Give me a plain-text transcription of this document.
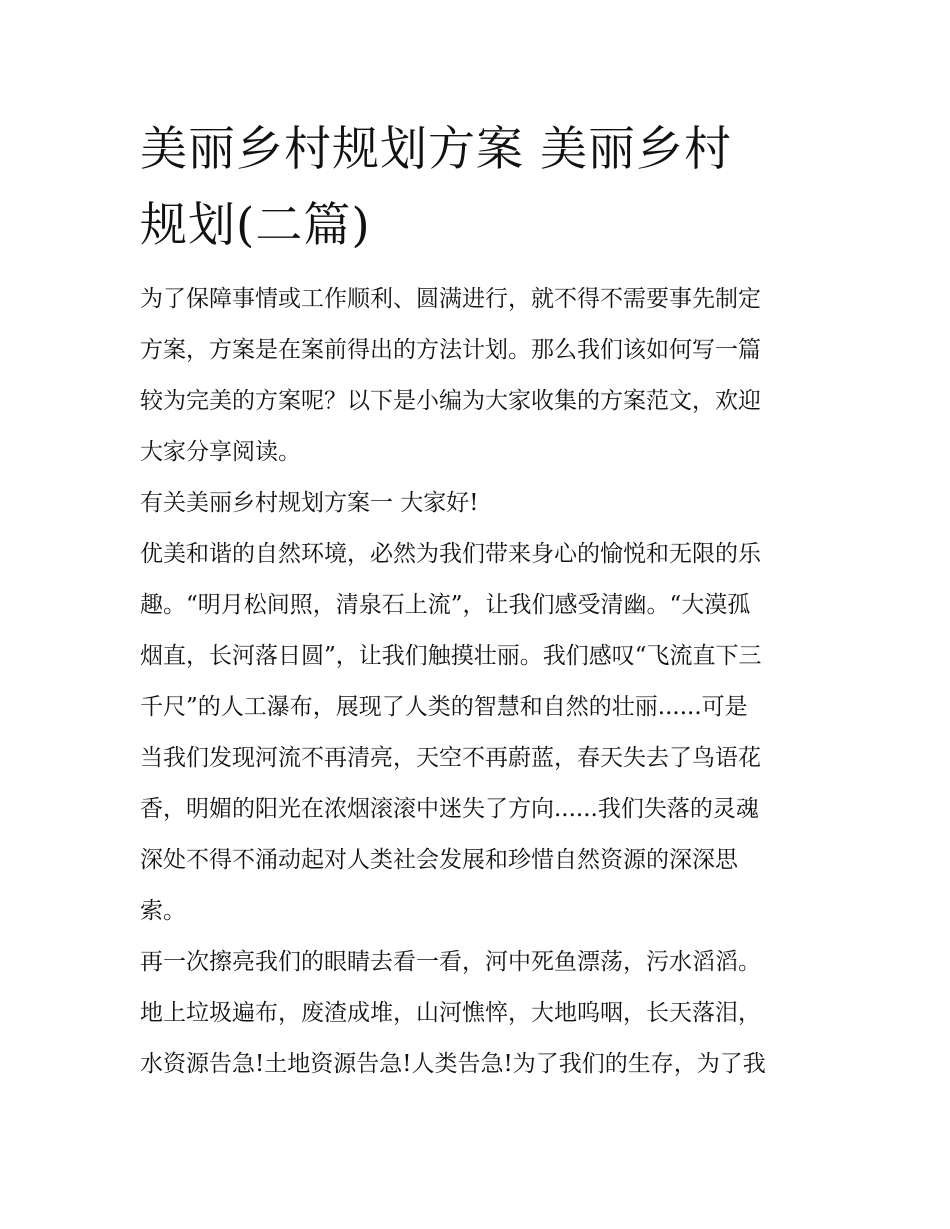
美丽乡村规划方案 美丽乡村
规划(二篇)

为了保障事情或工作顺利、圆满进行，就不得不需要事先制定
方案，方案是在案前得出的方法计划。那么我们该如何写一篇
较为完美的方案呢？以下是小编为大家收集的方案范文，欢迎
大家分享阅读。

有关美丽乡村规划方案一 大家好!

优美和谐的自然环境，必然为我们带来身心的愉悦和无限的乐
趣。“明月松间照，清泉石上流”，让我们感受清幽。“大漠孤
烟直，长河落日圆”，让我们触摸壮丽。我们感叹“飞流直下三
千尺”的人工瀑布，展现了人类的智慧和自然的壮丽......可是
当我们发现河流不再清亮，天空不再蔚蓝，春天失去了鸟语花
香，明媚的阳光在浓烟滚滚中迷失了方向......我们失落的灵魂
深处不得不涌动起对人类社会发展和珍惜自然资源的深深思
索。

再一次擦亮我们的眼睛去看一看，河中死鱼漂荡，污水滔滔。
地上垃圾遍布，废渣成堆，山河憔悴，大地呜咽，长天落泪，
水资源告急!土地资源告急!人类告急!为了我们的生存，为了我
